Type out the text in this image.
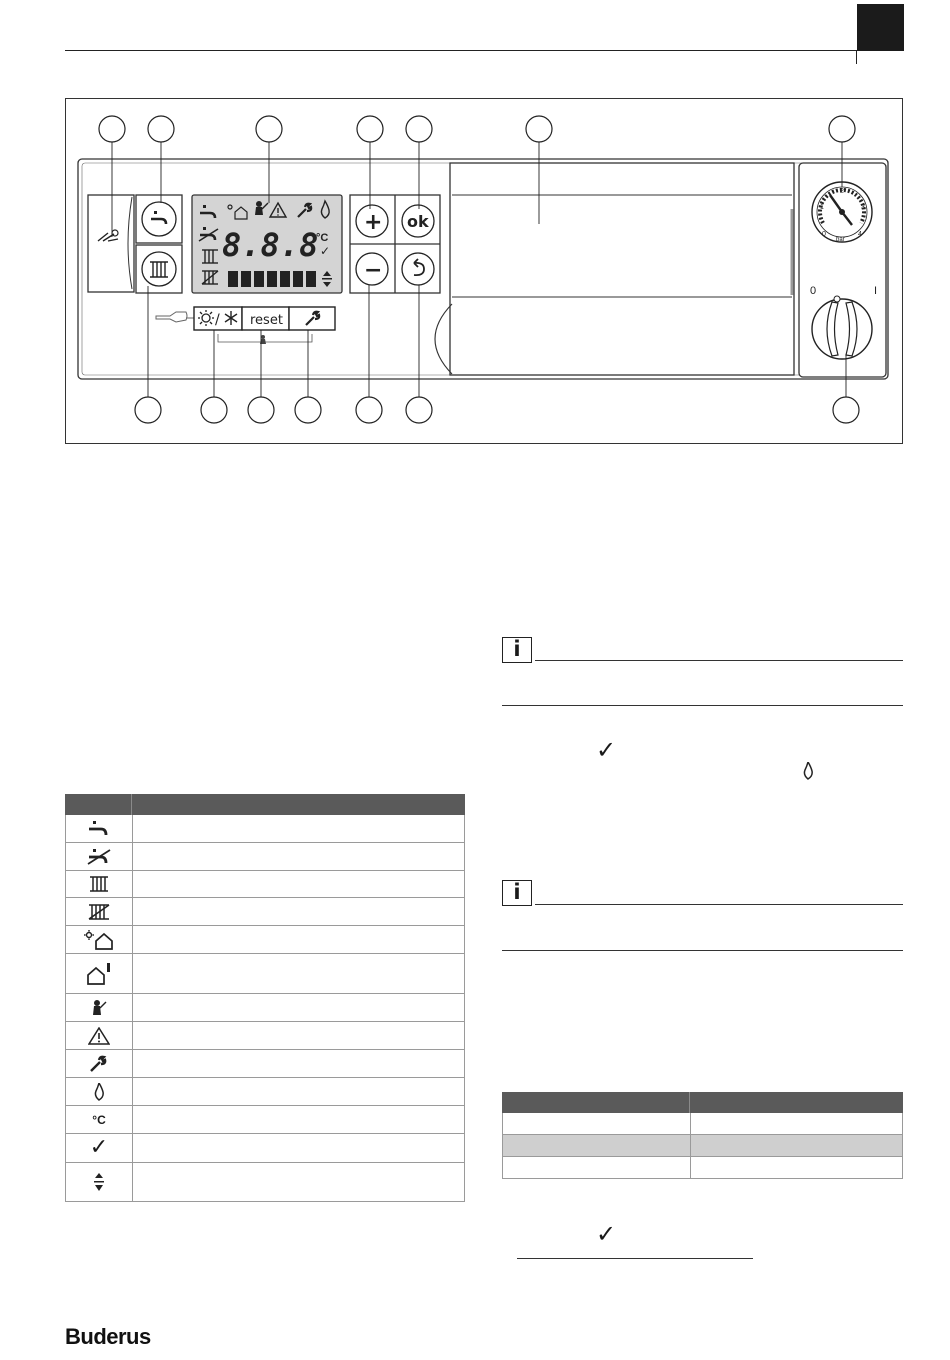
8.8.8
°C
✓
/ reset
+ ok
−
0
1
2
3
4
bar
0	I
i
✓
i
°C
✓
✓
Buderus
